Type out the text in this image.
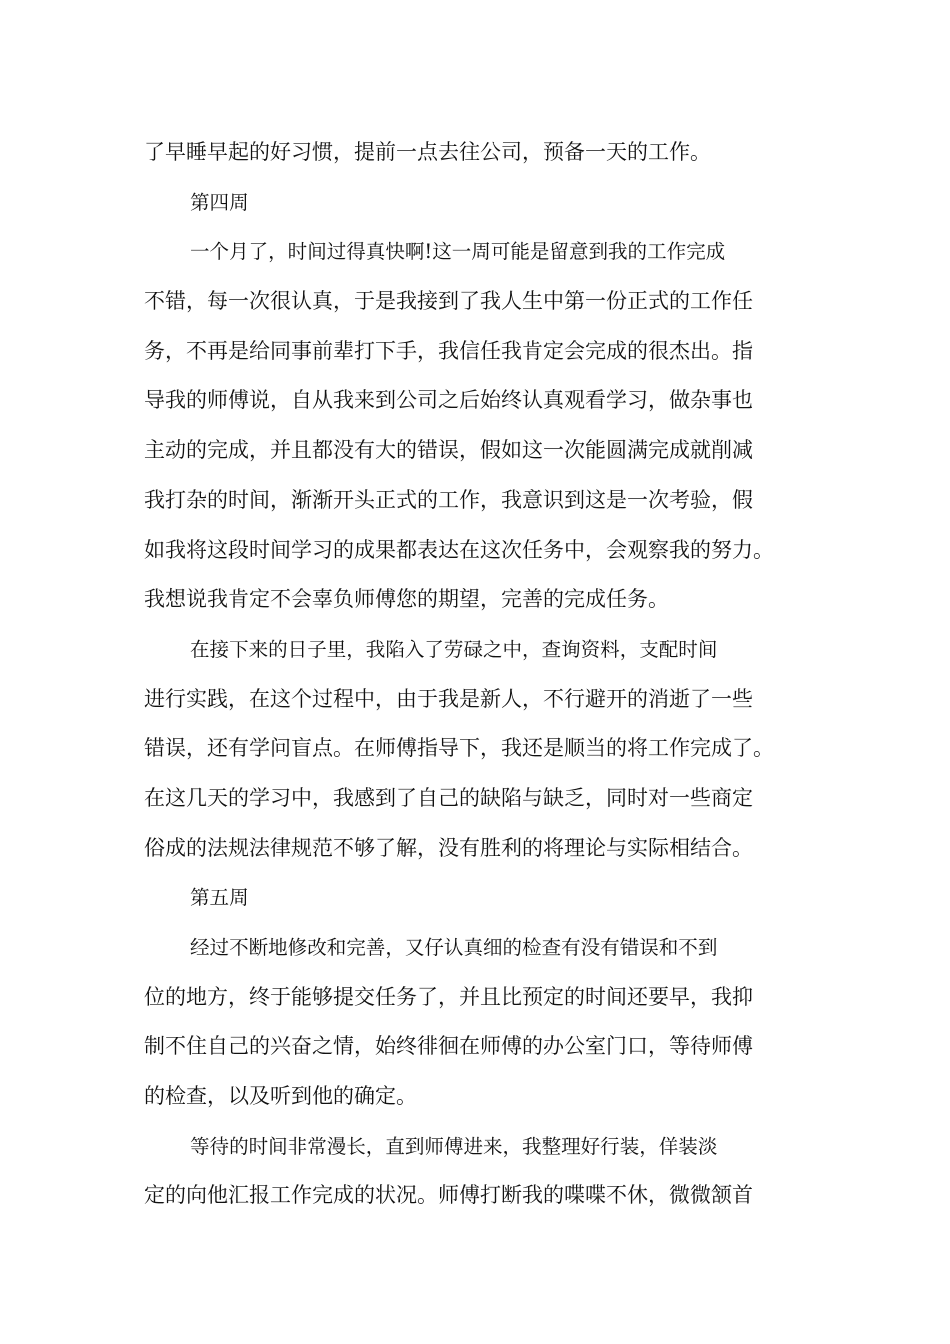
了早睡早起的好习惯，提前一点去往公司，预备一天的工作。
第四周
一个月了，时间过得真快啊!这一周可能是留意到我的工作完成
不错，每一次很认真，于是我接到了我人生中第一份正式的工作任
务，不再是给同事前辈打下手，我信任我肯定会完成的很杰出。指
导我的师傅说，自从我来到公司之后始终认真观看学习，做杂事也
主动的完成，并且都没有大的错误，假如这一次能圆满完成就削减
我打杂的时间，渐渐开头正式的工作，我意识到这是一次考验，假
如我将这段时间学习的成果都表达在这次任务中，会观察我的努力。
我想说我肯定不会辜负师傅您的期望，完善的完成任务。
在接下来的日子里，我陷入了劳碌之中，查询资料，支配时间
进行实践，在这个过程中，由于我是新人，不行避开的消逝了一些
错误，还有学问盲点。在师傅指导下，我还是顺当的将工作完成了。
在这几天的学习中，我感到了自己的缺陷与缺乏，同时对一些商定
俗成的法规法律规范不够了解，没有胜利的将理论与实际相结合。
第五周
经过不断地修改和完善，又仔认真细的检查有没有错误和不到
位的地方，终于能够提交任务了，并且比预定的时间还要早，我抑
制不住自己的兴奋之情，始终徘徊在师傅的办公室门口，等待师傅
的检查，以及听到他的确定。
等待的时间非常漫长，直到师傅进来，我整理好行装，佯装淡
定的向他汇报工作完成的状况。师傅打断我的喋喋不休，微微颔首
